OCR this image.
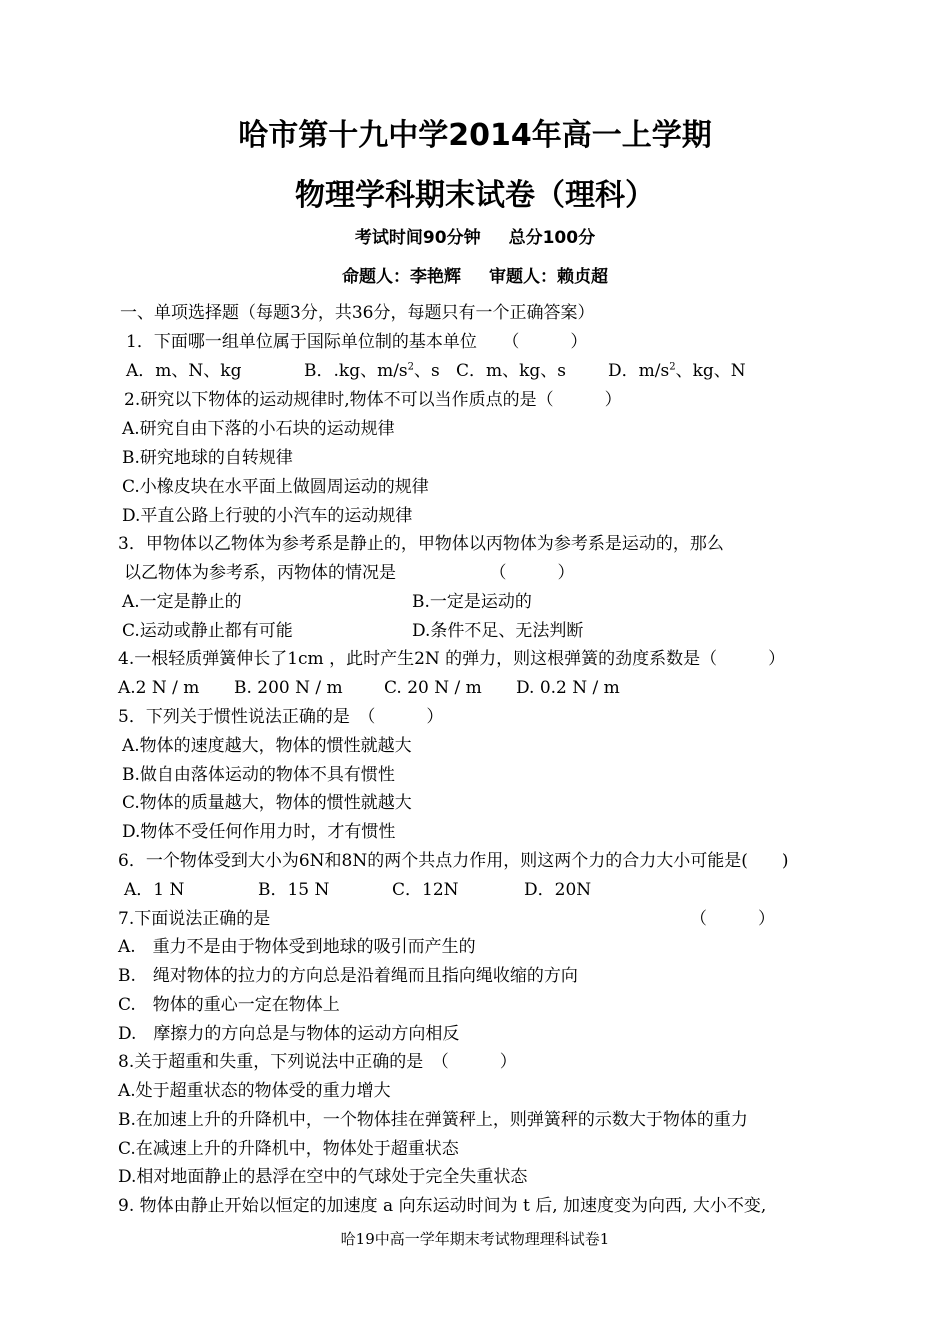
哈市第十九中学2014年高一上学期
物理学科期末试卷（理科）
考试时间90分钟 总分100分
命题人：李艳辉 审题人：赖贞超
一、单项选择题（每题3分，共36分，每题只有一个正确答案）
1．下面哪一组单位属于国际单位制的基本单位　　（　　　）
A．m、N、kg	B．.kg、$m/s^2$、s C．m、kg、s D．$m/s^2$、kg、N
2.研究以下物体的运动规律时,物体不可以当作质点的是（　　　）
A.研究自由下落的小石块的运动规律
B.研究地球的自转规律
C.小橡皮块在水平面上做圆周运动的规律
D.平直公路上行驶的小汽车的运动规律
3．甲物体以乙物体为参考系是静止的，甲物体以丙物体为参考系是运动的，那么
以乙物体为参考系，丙物体的情况是　　　　　　（　　　）
A.一定是静止的	B.一定是运动的
C.运动或静止都有可能	D.条件不足、无法判断
4.一根轻质弹簧伸长了1cm ，此时产生2N 的弹力，则这根弹簧的劲度系数是（　　　）
A.2 N / m B. 200 N / m C. 20 N / m D. 0.2 N / m
5．下列关于惯性说法正确的是　（　　　）
A.物体的速度越大，物体的惯性就越大
B.做自由落体运动的物体不具有惯性
C.物体的质量越大，物体的惯性就越大
D.物体不受任何作用力时，才有惯性
6．一个物体受到大小为6N和8N的两个共点力作用，则这两个力的合力大小可能是(　　)
A．1 N	B．15 N	C．12N	D．20N
7.下面说法正确的是	（　　　）
A.　重力不是由于物体受到地球的吸引而产生的
B.　绳对物体的拉力的方向总是沿着绳而且指向绳收缩的方向
C.　物体的重心一定在物体上
D.　摩擦力的方向总是与物体的运动方向相反
8.关于超重和失重，下列说法中正确的是　（　　　）
A.处于超重状态的物体受的重力增大
B.在加速上升的升降机中，一个物体挂在弹簧秤上，则弹簧秤的示数大于物体的重力
C.在减速上升的升降机中，物体处于超重状态
D.相对地面静止的悬浮在空中的气球处于完全失重状态
9. 物体由静止开始以恒定的加速度 a 向东运动时间为 t 后, 加速度变为向西, 大小不变,
哈19中高一学年期末考试物理理科试卷1
